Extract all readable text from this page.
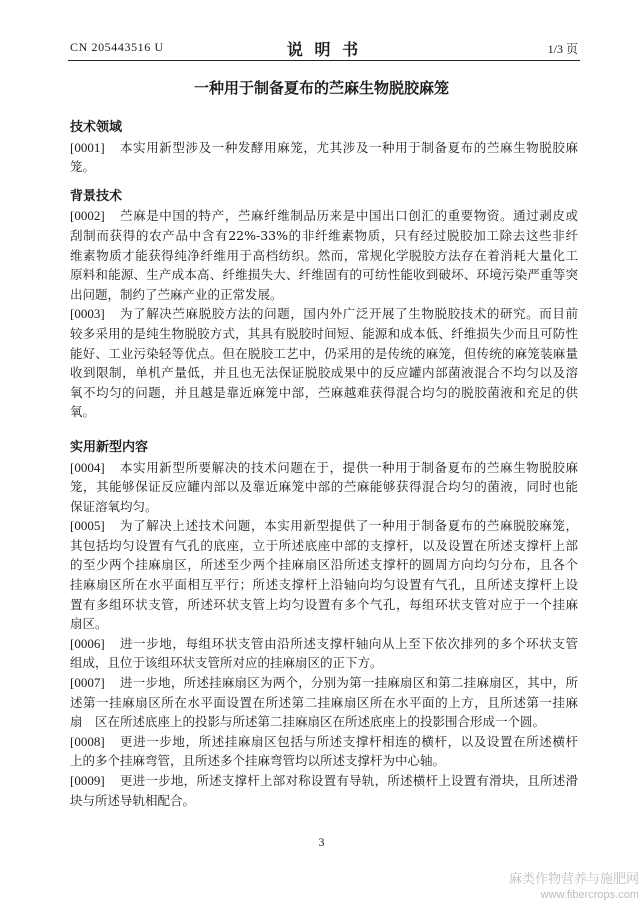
CN 205443516 U	说 明 书	1/3 页
一种用于制备夏布的苎麻生物脱胶麻笼
技术领域
[0001]	本实用新型涉及一种发酵用麻笼，尤其涉及一种用于制备夏布的苎麻生物脱胶麻
笼。
背景技术
[0002]	苎麻是中国的特产，苎麻纤维制品历来是中国出口创汇的重要物资。通过剥皮或
刮制而获得的农产品中含有22%-33%的非纤维素物质，只有经过脱胶加工除去这些非纤
维素物质才能获得纯净纤维用于高档纺织。然而，常规化学脱胶方法存在着消耗大量化工
原料和能源、生产成本高、纤维损失大、纤维固有的可纺性能收到破坏、环境污染严重等突
出问题，制约了苎麻产业的正常发展。
[0003]	为了解决苎麻脱胶方法的问题，国内外广泛开展了生物脱胶技术的研究。而目前
较多采用的是纯生物脱胶方式，其具有脱胶时间短、能源和成本低、纤维损失少而且可防性
能好、工业污染轻等优点。但在脱胶工艺中，仍采用的是传统的麻笼，但传统的麻笼装麻量
收到限制，单机产量低，并且也无法保证脱胶成果中的反应罐内部菌液混合不均匀以及溶
氧不均匀的问题，并且越是靠近麻笼中部，苎麻越难获得混合均匀的脱胶菌液和充足的供
氧。
实用新型内容
[0004]	本实用新型所要解决的技术问题在于，提供一种用于制备夏布的苎麻生物脱胶麻
笼，其能够保证反应罐内部以及靠近麻笼中部的苎麻能够获得混合均匀的菌液，同时也能
保证溶氧均匀。
[0005]	为了解决上述技术问题，本实用新型提供了一种用于制备夏布的苎麻脱胶麻笼，
其包括均匀设置有气孔的底座，立于所述底座中部的支撑杆，以及设置在所述支撑杆上部
的至少两个挂麻扇区，所述至少两个挂麻扇区沿所述支撑杆的圆周方向均匀分布，且各个
挂麻扇区所在水平面相互平行；所述支撑杆上沿轴向均匀设置有气孔，且所述支撑杆上设
置有多组环状支管，所述环状支管上均匀设置有多个气孔，每组环状支管对应于一个挂麻
扇区。
[0006]	进一步地，每组环状支管由沿所述支撑杆轴向从上至下依次排列的多个环状支管
组成，且位于该组环状支管所对应的挂麻扇区的正下方。
[0007]	进一步地，所述挂麻扇区为两个，分别为第一挂麻扇区和第二挂麻扇区，其中，所
述第一挂麻扇区所在水平面设置在所述第二挂麻扇区所在水平面的上方，且所述第一挂麻
扇　区在所述底座上的投影与所述第二挂麻扇区在所述底座上的投影围合形成一个圆。
[0008]	更进一步地，所述挂麻扇区包括与所述支撑杆相连的横杆，以及设置在所述横杆
上的多个挂麻弯管，且所述多个挂麻弯管均以所述支撑杆为中心轴。
[0009]	更进一步地，所述支撑杆上部对称设置有导轨，所述横杆上设置有滑块，且所述滑
块与所述导轨相配合。
3
麻类作物营养与施肥网
www.fibercrops.com
